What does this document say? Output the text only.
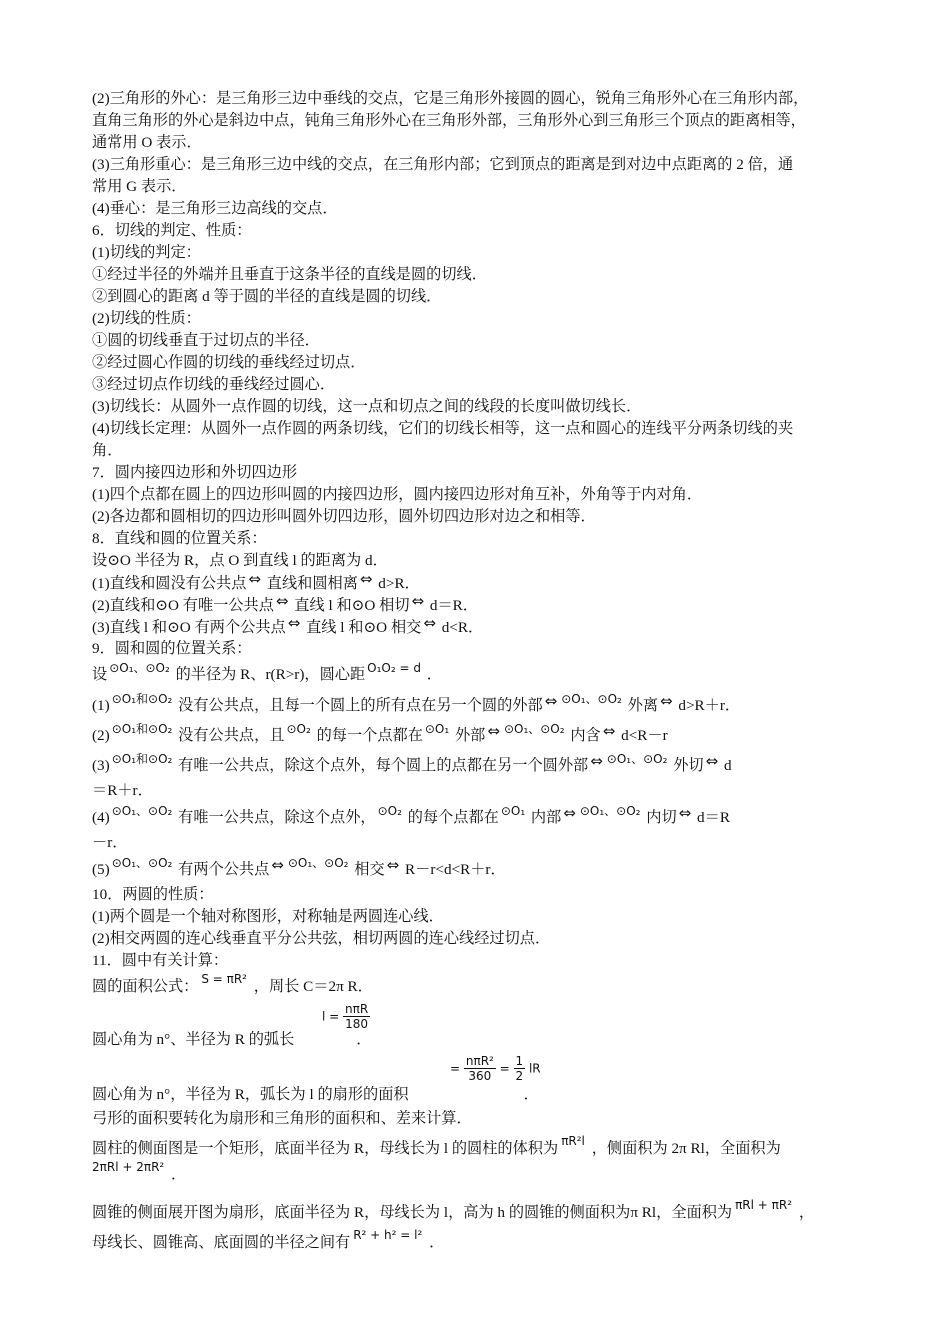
(2)三角形的外心：是三角形三边中垂线的交点，它是三角形外接圆的圆心，锐角三角形外心在三角形内部，
直角三角形的外心是斜边中点，钝角三角形外心在三角形外部，三角形外心到三角形三个顶点的距离相等，
通常用 O 表示．
(3)三角形重心：是三角形三边中线的交点，在三角形内部；它到顶点的距离是到对边中点距离的 2 倍，通
常用 G 表示．
(4)垂心：是三角形三边高线的交点．
6．切线的判定、性质：
(1)切线的判定：
①经过半径的外端并且垂直于这条半径的直线是圆的切线．
②到圆心的距离 d 等于圆的半径的直线是圆的切线．
(2)切线的性质：
①圆的切线垂直于过切点的半径．
②经过圆心作圆的切线的垂线经过切点．
③经过切点作切线的垂线经过圆心．
(3)切线长：从圆外一点作圆的切线，这一点和切点之间的线段的长度叫做切线长．
(4)切线长定理：从圆外一点作圆的两条切线，它们的切线长相等，这一点和圆心的连线平分两条切线的夹
角．
7．圆内接四边形和外切四边形
(1)四个点都在圆上的四边形叫圆的内接四边形，圆内接四边形对角互补，外角等于内对角．
(2)各边都和圆相切的四边形叫圆外切四边形，圆外切四边形对边之和相等．
8．直线和圆的位置关系：
设⊙O 半径为 R，点 O 到直线 l 的距离为 d．
(1)直线和圆没有公共点 ⇔ 直线和圆相离 ⇔ d>R．
(2)直线和⊙O 有唯一公共点 ⇔ 直线 l 和⊙O 相切 ⇔ d＝R．
(3)直线 l 和⊙O 有两个公共点 ⇔ 直线 l 和⊙O 相交 ⇔ d<R．
9．圆和圆的位置关系：
设 $^{⊙O_1、⊙O_2}$ 的半径为 R、r(R>r)，圆心距 $^{O_1O_2 = d}$ ．
(1) $^{⊙O_1和⊙O_2}$ 没有公共点，且每一个圆上的所有点在另一个圆的外部 ⇔ $^{⊙O_1、⊙O_2}$ 外离 ⇔ d>R＋r．
(2) $^{⊙O_1和⊙O_2}$ 没有公共点，且 $^{⊙O_2}$ 的每一个点都在 $^{⊙O_1}$ 外部 ⇔ $^{⊙O_1、⊙O_2}$ 内含 ⇔ d<R－r
(3) $^{⊙O_1和⊙O_2}$ 有唯一公共点，除这个点外，每个圆上的点都在另一个圆外部 ⇔ $^{⊙O_1、⊙O_2}$ 外切 ⇔ d
＝R＋r．
(4) $^{⊙O_1、⊙O_2}$ 有唯一公共点，除这个点外， $^{⊙O_2}$ 的每个点都在 $^{⊙O_1}$ 内部 ⇔ $^{⊙O_1、⊙O_2}$ 内切 ⇔ d＝R
－r．
(5) $^{⊙O_1、⊙O_2}$ 有两个公共点 ⇔ $^{⊙O_1、⊙O_2}$ 相交 ⇔ R－r<d<R＋r．
10．两圆的性质：
(1)两个圆是一个轴对称图形，对称轴是两圆连心线．
(2)相交两圆的连心线垂直平分公共弦，相切两圆的连心线经过切点．
11．圆中有关计算：
圆的面积公式： $^{S = \pi R^2}$ ，周长 C＝2π R．
$l = \frac{\text{nπR}}{180}$
圆心角为 n°、半径为 R 的弧长	．
= $\frac{\text{nπR²}}{360} = \frac{1}{2}$ lR
圆心角为 n°，半径为 R，弧长为 l 的扇形的面积	．
弓形的面积要转化为扇形和三角形的面积和、差来计算．
圆柱的侧面图是一个矩形，底面半径为 R，母线长为 l 的圆柱的体积为 $^{\pi R^2l}$ ，侧面积为 2π Rl，全面积为
$^{2\pi Rl + 2\pi R^2}$ ．
圆锥的侧面展开图为扇形，底面半径为 R，母线长为 l，高为 h 的圆锥的侧面积为π Rl，全面积为 $^{\pi Rl + \pi R^2}$ ，
母线长、圆锥高、底面圆的半径之间有 $^{R^2 + h^2 = l^2}$ ．
